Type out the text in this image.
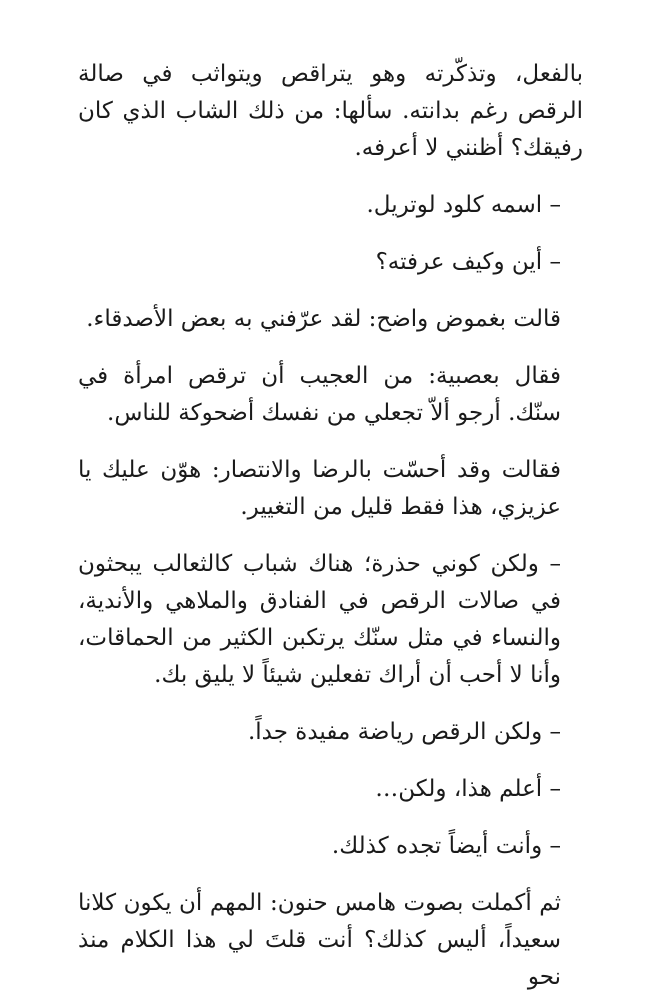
بالفعل، وتذكّرته وهو يتراقص ويتواثب في صالة الرقص رغم بدانته. سألها: من ذلك الشاب الذي كان رفيقك؟ أظنني لا أعرفه.

– اسمه كلود لوتريل.

– أين وكيف عرفته؟

قالت بغموض واضح: لقد عرّفني به بعض الأصدقاء.

فقال بعصبية: من العجيب أن ترقص امرأة في سنّك. أرجو ألاّ تجعلي من نفسك أضحوكة للناس.

فقالت وقد أحسّت بالرضا والانتصار: هوّن عليك يا عزيزي، هذا فقط قليل من التغيير.

– ولكن كوني حذرة؛ هناك شباب كالثعالب يبحثون في صالات الرقص في الفنادق والملاهي والأندية، والنساء في مثل سنّك يرتكبن الكثير من الحماقات، وأنا لا أحب أن أراك تفعلين شيئاً لا يليق بك.

– ولكن الرقص رياضة مفيدة جداً.

– أعلم هذا، ولكن…

– وأنت أيضاً تجده كذلك.

ثم أكملت بصوت هامس حنون: المهم أن يكون كلانا سعيداً، أليس كذلك؟ أنت قلتَ لي هذا الكلام منذ نحو
